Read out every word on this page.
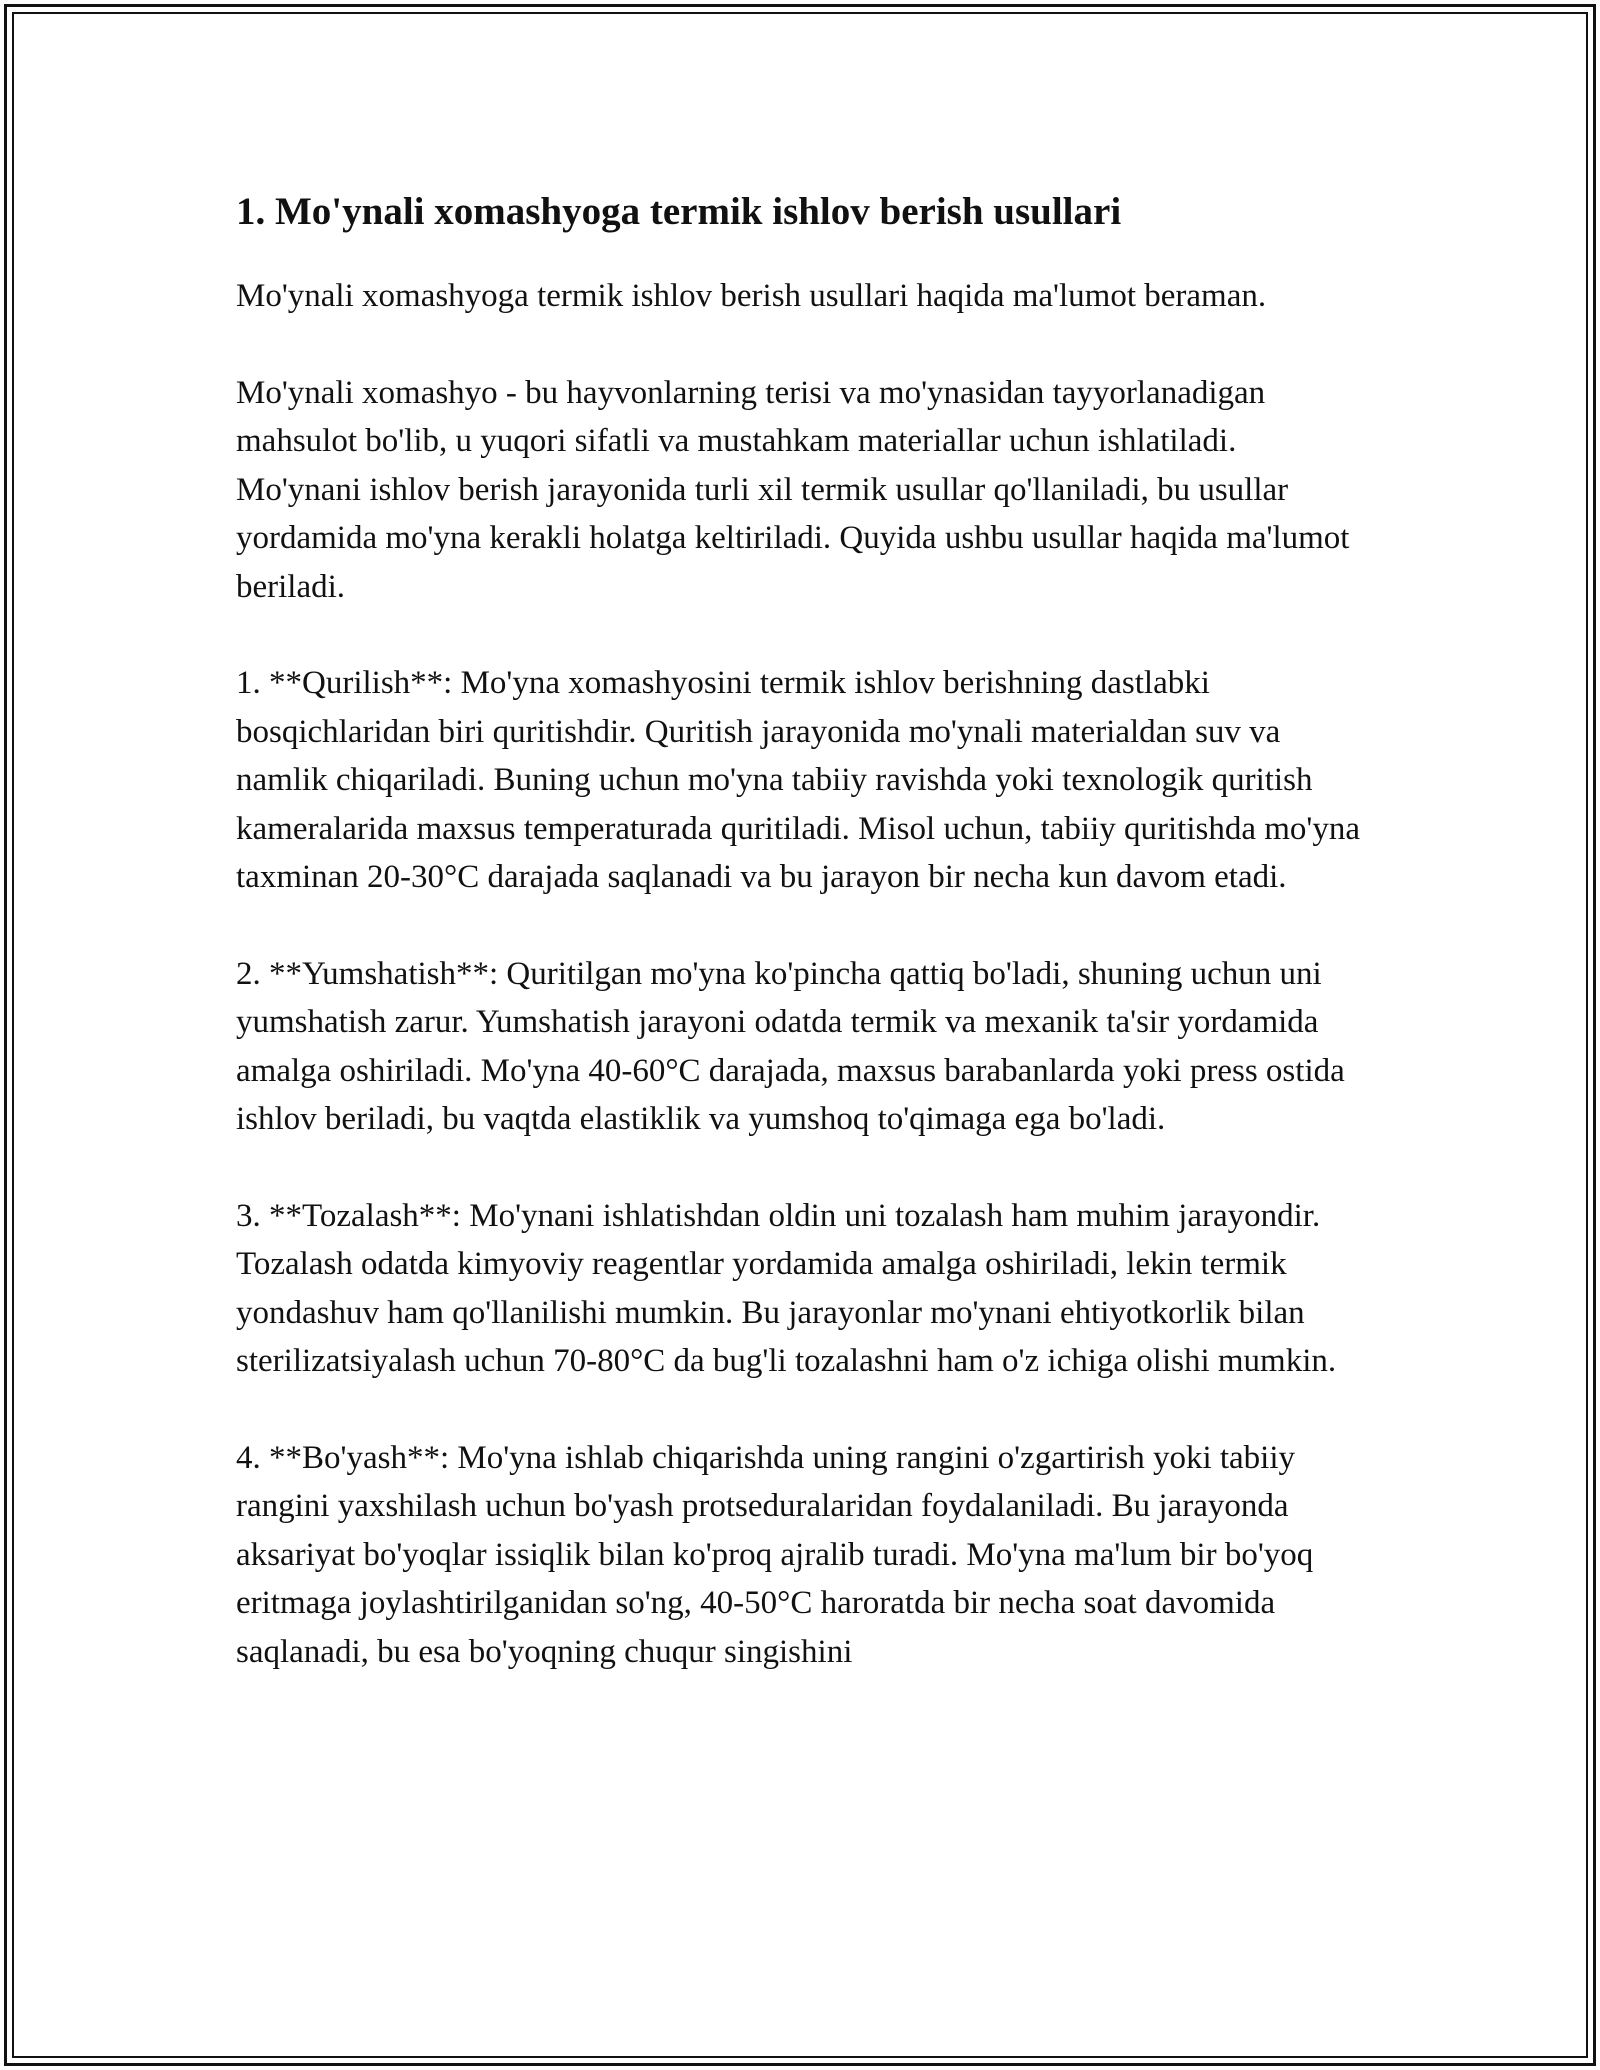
1. Mo'ynali xomashyoga termik ishlov berish usullari

Mo'ynali xomashyoga termik ishlov berish usullari haqida ma'lumot beraman.

Mo'ynali xomashyo - bu hayvonlarning terisi va mo'ynasidan tayyorlanadigan mahsulot bo'lib, u yuqori sifatli va mustahkam materiallar uchun ishlatiladi. Mo'ynani ishlov berish jarayonida turli xil termik usullar qo'llaniladi, bu usullar yordamida mo'yna kerakli holatga keltiriladi. Quyida ushbu usullar haqida ma'lumot beriladi.

1. **Qurilish**: Mo'yna xomashyosini termik ishlov berishning dastlabki bosqichlaridan biri quritishdir. Quritish jarayonida mo'ynali materialdan suv va namlik chiqariladi. Buning uchun mo'yna tabiiy ravishda yoki texnologik quritish kameralarida maxsus temperaturada quritiladi. Misol uchun, tabiiy quritishda mo'yna taxminan 20-30°C darajada saqlanadi va bu jarayon bir necha kun davom etadi.

2. **Yumshatish**: Quritilgan mo'yna ko'pincha qattiq bo'ladi, shuning uchun uni yumshatish zarur. Yumshatish jarayoni odatda termik va mexanik ta'sir yordamida amalga oshiriladi. Mo'yna 40-60°C darajada, maxsus barabanlarda yoki press ostida ishlov beriladi, bu vaqtda elastiklik va yumshoq to'qimaga ega bo'ladi.

3. **Tozalash**: Mo'ynani ishlatishdan oldin uni tozalash ham muhim jarayondir. Tozalash odatda kimyoviy reagentlar yordamida amalga oshiriladi, lekin termik yondashuv ham qo'llanilishi mumkin. Bu jarayonlar mo'ynani ehtiyotkorlik bilan sterilizatsiyalash uchun 70-80°C da bug'li tozalashni ham o'z ichiga olishi mumkin.

4. **Bo'yash**: Mo'yna ishlab chiqarishda uning rangini o'zgartirish yoki tabiiy rangini yaxshilash uchun bo'yash protseduralaridan foydalaniladi. Bu jarayonda aksariyat bo'yoqlar issiqlik bilan ko'proq ajralib turadi. Mo'yna ma'lum bir bo'yoq eritmaga joylashtirilganidan so'ng, 40-50°C haroratda bir necha soat davomida saqlanadi, bu esa bo'yoqning chuqur singishini
